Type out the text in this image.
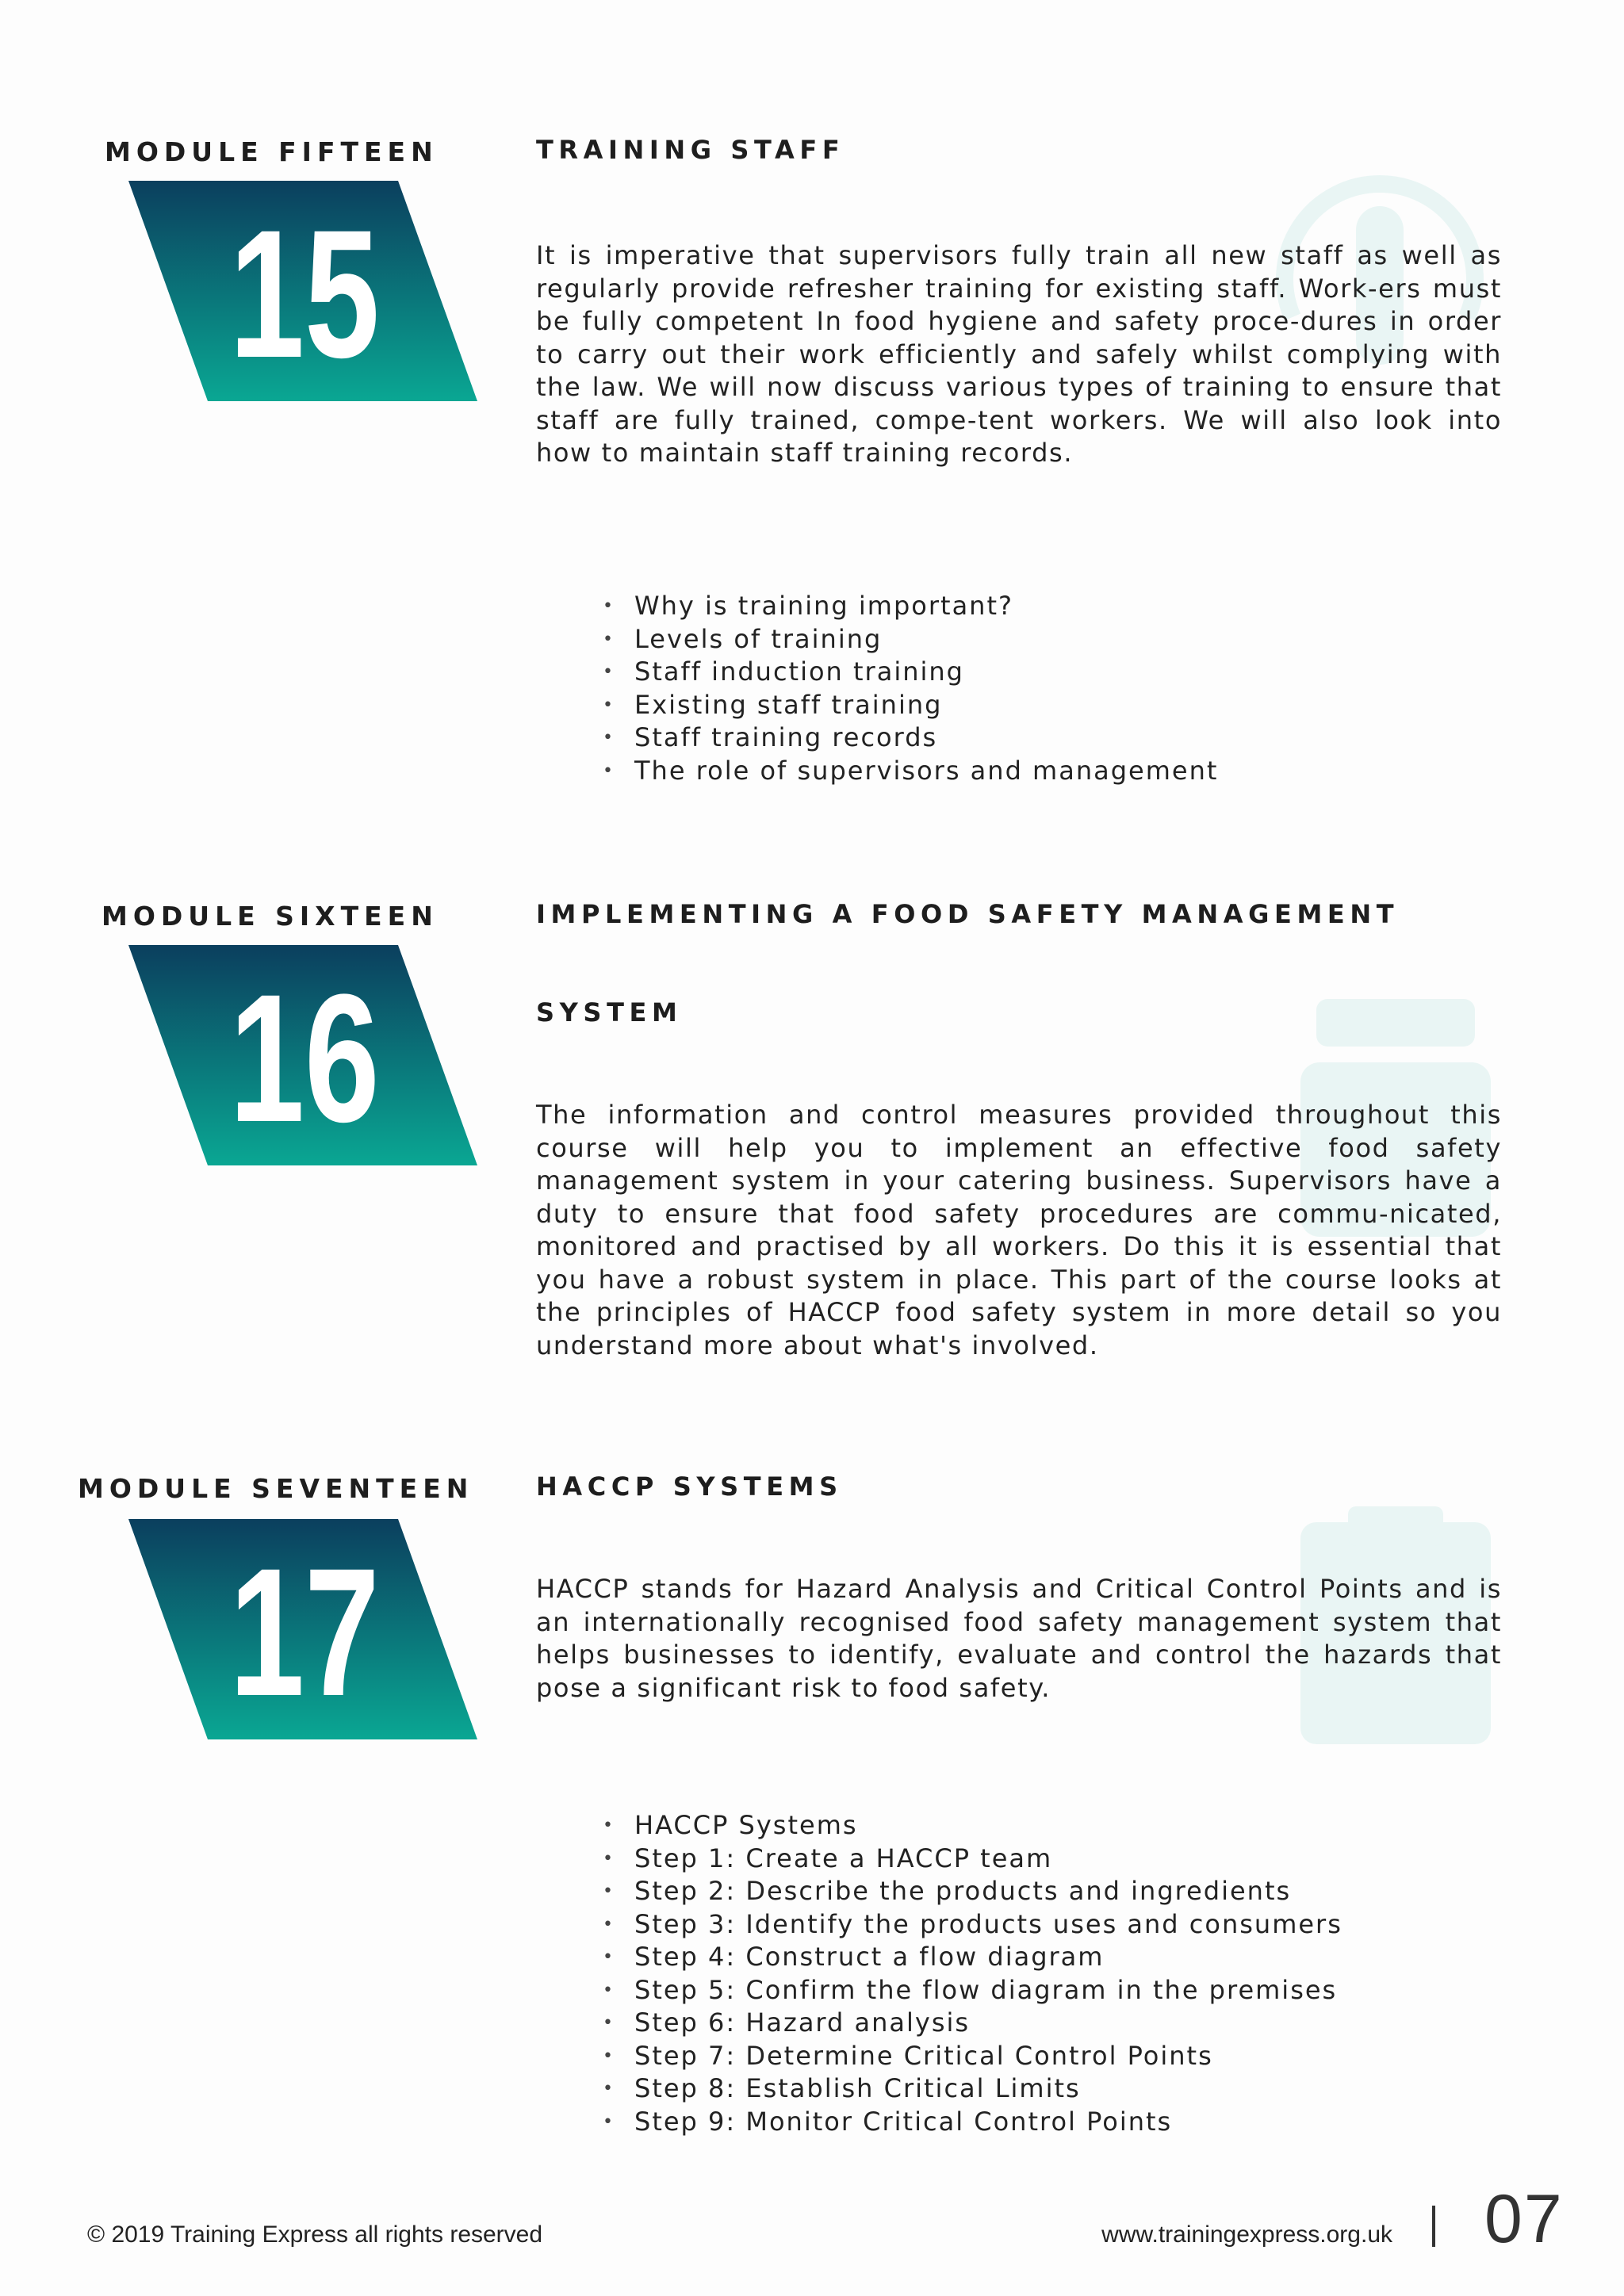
MODULE FIFTEEN
15
TRAINING STAFF

It is imperative that supervisors fully train all new staff as well as regularly provide refresher training for existing staff. Work-ers must be fully competent In food hygiene and safety proce-dures in order to carry out their work efficiently and safely whilst complying with the law. We will now discuss various types of training to ensure that staff are fully trained, compe-tent workers. We will also look into how to maintain staff training records.

• Why is training important?
• Levels of training
• Staff induction training
• Existing staff training
• Staff training records
• The role of supervisors and management
MODULE SIXTEEN
16
IMPLEMENTING A FOOD SAFETY MANAGEMENT
SYSTEM

The information and control measures provided throughout this course will help you to implement an effective food safety management system in your catering business. Supervisors have a duty to ensure that food safety procedures are commu-nicated, monitored and practised by all workers. Do this it is essential that you have a robust system in place. This part of the course looks at the principles of HACCP food safety system in more detail so you understand more about what's involved.

MODULE SEVENTEEN
17
HACCP SYSTEMS

HACCP stands for Hazard Analysis and Critical Control Points and is an internationally recognised food safety management system that helps businesses to identify, evaluate and control the hazards that pose a significant risk to food safety.

• HACCP Systems
• Step 1: Create a HACCP team
• Step 2: Describe the products and ingredients
• Step 3: Identify the products uses and consumers
• Step 4: Construct a flow diagram
• Step 5: Confirm the flow diagram in the premises
• Step 6: Hazard analysis
• Step 7: Determine Critical Control Points
• Step 8: Establish Critical Limits
• Step 9: Monitor Critical Control Points
© 2019 Training Express all rights reserved	www.trainingexpress.org.uk 07
